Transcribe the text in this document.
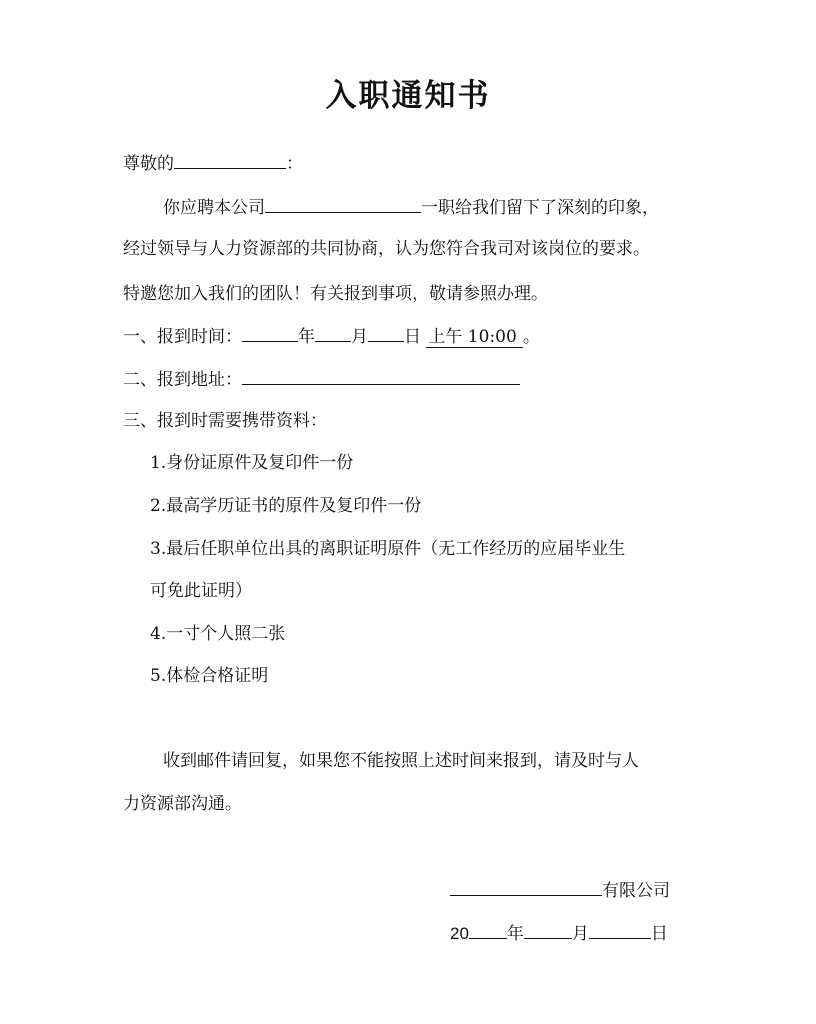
入职通知书
尊敬的	：
你应聘本公司	一职给我们留下了深刻的印象，
经过领导与人力资源部的共同协商，认为您符合我司对该岗位的要求。
特邀您加入我们的团队！有关报到事项，敬请参照办理。
一、报到时间：	年 月 日 上午 10:00 。
二、报到地址：
三、报到时需要携带资料：
1.身份证原件及复印件一份
2.最高学历证书的原件及复印件一份
3.最后任职单位出具的离职证明原件（无工作经历的应届毕业生
可免此证明）
4.一寸个人照二张
5.体检合格证明
收到邮件请回复，如果您不能按照上述时间来报到，请及时与人
力资源部沟通。
有限公司
20 年	月	日
